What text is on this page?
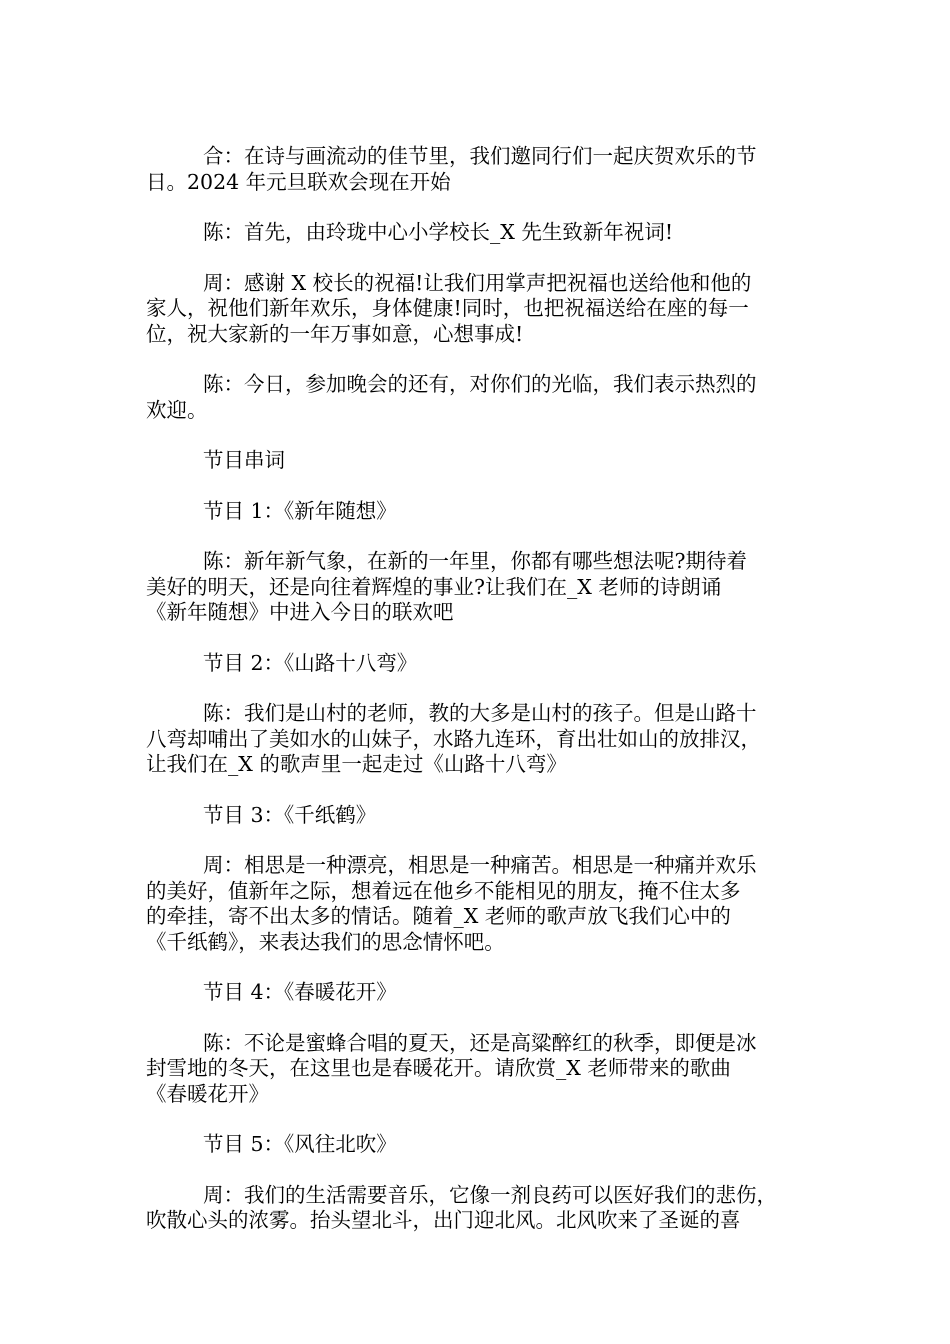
合：在诗与画流动的佳节里，我们邀同行们一起庆贺欢乐的节
日。2024 年元旦联欢会现在开始
陈：首先，由玲珑中心小学校长_X 先生致新年祝词!
周：感谢 X 校长的祝福!让我们用掌声把祝福也送给他和他的
家人，祝他们新年欢乐，身体健康!同时，也把祝福送给在座的每一
位，祝大家新的一年万事如意，心想事成!
陈：今日，参加晚会的还有，对你们的光临，我们表示热烈的
欢迎。
节目串词
节目 1：《新年随想》
陈：新年新气象，在新的一年里，你都有哪些想法呢?期待着
美好的明天，还是向往着辉煌的事业?让我们在_X 老师的诗朗诵
《新年随想》中进入今日的联欢吧
节目 2：《山路十八弯》
陈：我们是山村的老师，教的大多是山村的孩子。但是山路十
八弯却哺出了美如水的山妹子，水路九连环，育出壮如山的放排汉，
让我们在_X 的歌声里一起走过《山路十八弯》
节目 3：《千纸鹤》
周：相思是一种漂亮，相思是一种痛苦。相思是一种痛并欢乐
的美好，值新年之际，想着远在他乡不能相见的朋友，掩不住太多
的牵挂，寄不出太多的情话。随着_X 老师的歌声放飞我们心中的
《千纸鹤》，来表达我们的思念情怀吧。
节目 4：《春暖花开》
陈：不论是蜜蜂合唱的夏天，还是高粱醉红的秋季，即便是冰
封雪地的冬天，在这里也是春暖花开。请欣赏_X 老师带来的歌曲
《春暖花开》
节目 5：《风往北吹》
周：我们的生活需要音乐，它像一剂良药可以医好我们的悲伤，
吹散心头的浓雾。抬头望北斗，出门迎北风。北风吹来了圣诞的喜
